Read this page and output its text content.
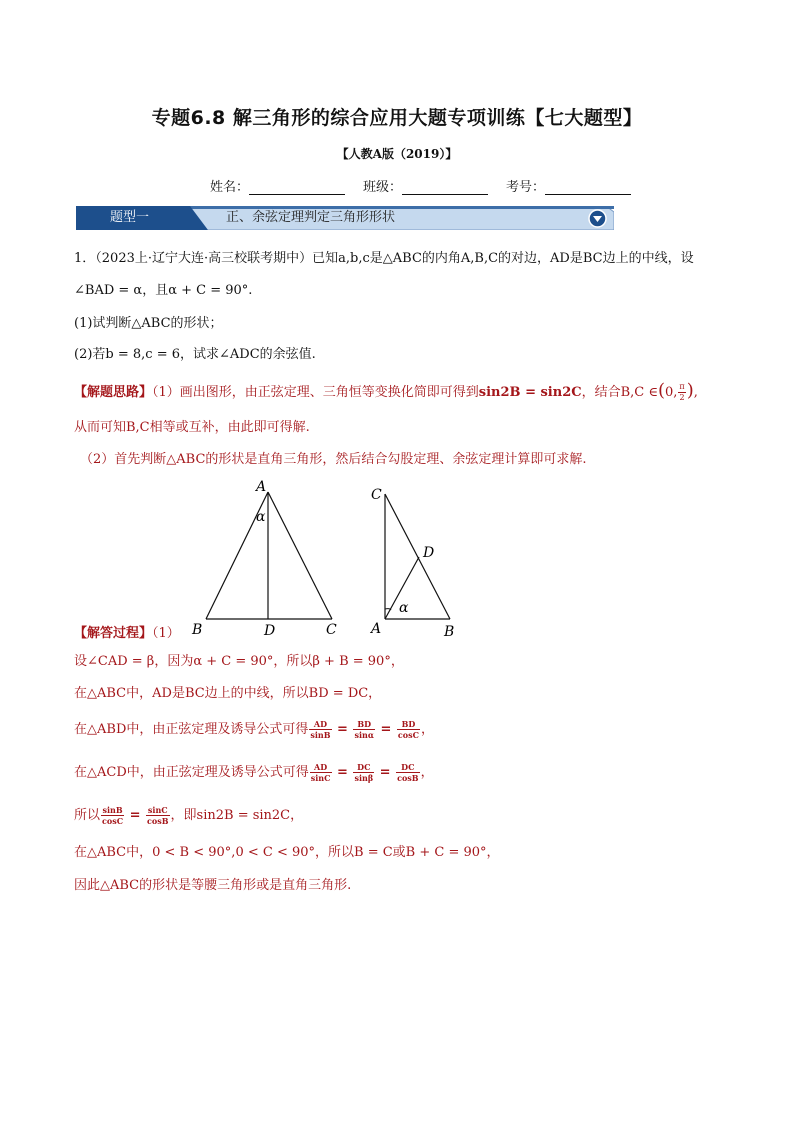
专题6.8 解三角形的综合应用大题专项训练【七大题型】
【人教A版（2019）】
姓名：	班级：	考号：
题型一	正、余弦定理判定三角形形状
1．（2023上·辽宁大连·高三校联考期中）已知a,b,c是△ABC的内角A,B,C的对边，AD是BC边上的中线，设
∠BAD = α，且α + C = 90°.
(1)试判断△ABC的形状；
(2)若b = 8,c = 6，试求∠ADC的余弦值.
【解题思路】（1）画出图形，由正弦定理、三角恒等变换化简即可得到sin2B = sin2C，结合B,C ∈(0, $\frac{\pi}{2}$ ),
从而可知B,C相等或互补，由此即可得解.
（2）首先判断△ABC的形状是直角三角形，然后结合勾股定理、余弦定理计算即可求解.
A
B	D	C
α
C
D
α
A	B
【解答过程】（1）
设∠CAD = β，因为α + C = 90°，所以β + B = 90°，
在△ABC中，AD是BC边上的中线，所以BD = DC，
在△ABD中，由正弦定理及诱导公式可得 $\frac{AD}{\sin B} = \frac{BD}{\sin\alpha} = \frac{BD}{\cos C}$ ，
在△ACD中，由正弦定理及诱导公式可得 $\frac{AD}{\sin C} = \frac{DC}{\sin\beta} = \frac{DC}{\cos B}$ ，
所以 $\frac{\sin B}{\cos C} = \frac{\sin C}{\cos B}$ ，即sin2B = sin2C，
在△ABC中，0 < B < 90°,0 < C < 90°，所以B = C或B + C = 90°，
因此△ABC的形状是等腰三角形或是直角三角形.
